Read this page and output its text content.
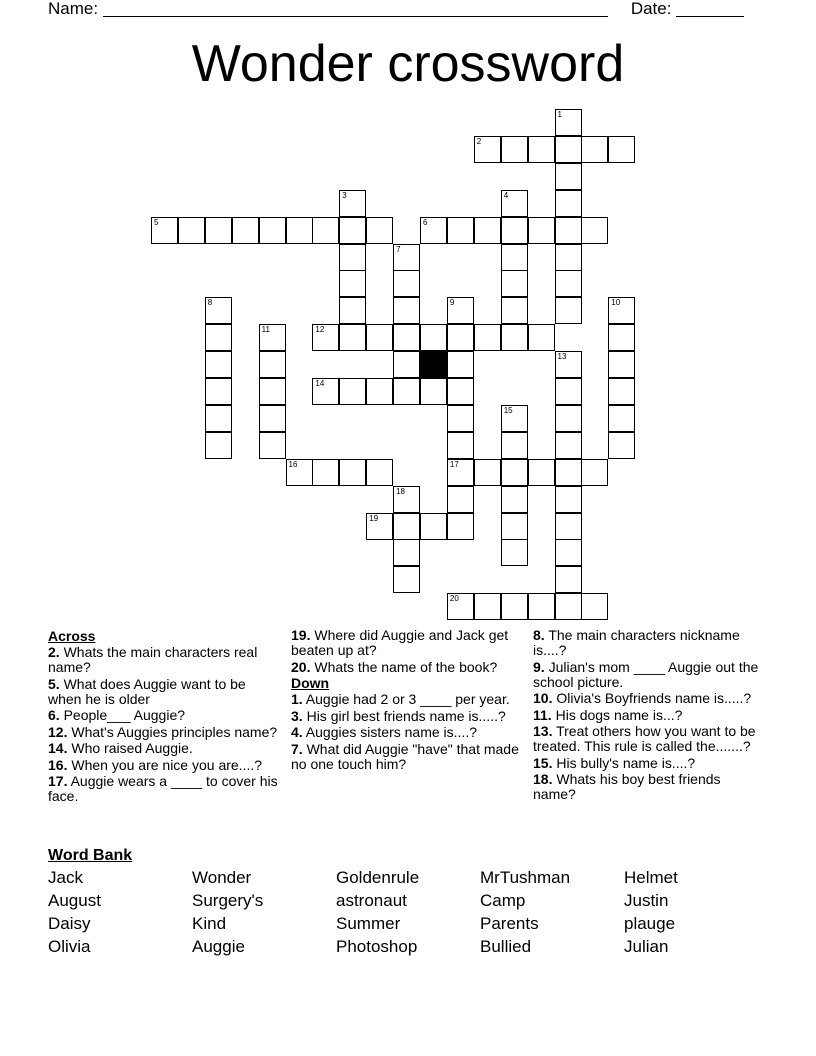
Name:	Date:
Wonder crossword
1
2
3	4
5	6
7
8	9
17
10
11	12
13
14
15
16
18
19
20
Across
2. Whats the main characters real name?
5. What does Auggie want to be when he is older
6. People___ Auggie?
12. What's Auggies principles name?
14. Who raised Auggie.
16. When you are nice you are....?
17. Auggie wears a ____ to cover his face.
19. Where did Auggie and Jack get beaten up at?
20. Whats the name of the book?
Down
1. Auggie had 2 or 3 ____ per year.
3. His girl best friends name is.....?
4. Auggies sisters name is....?
7. What did Auggie "have" that made no one touch him?
8. The main characters nickname is....?
9. Julian's mom ____ Auggie out the school picture.
10. Olivia's Boyfriends name is.....?
11. His dogs name is...?
13. Treat others how you want to be treated. This rule is called the.......?
15. His bully's name is....?
18. Whats his boy best friends name?
Word Bank
Jack	Wonder	Goldenrule	MrTushman	Helmet
August	Surgery's	astronaut	Camp	Justin
Daisy	Kind	Summer	Parents	plauge
Olivia	Auggie	Photoshop	Bullied	Julian
